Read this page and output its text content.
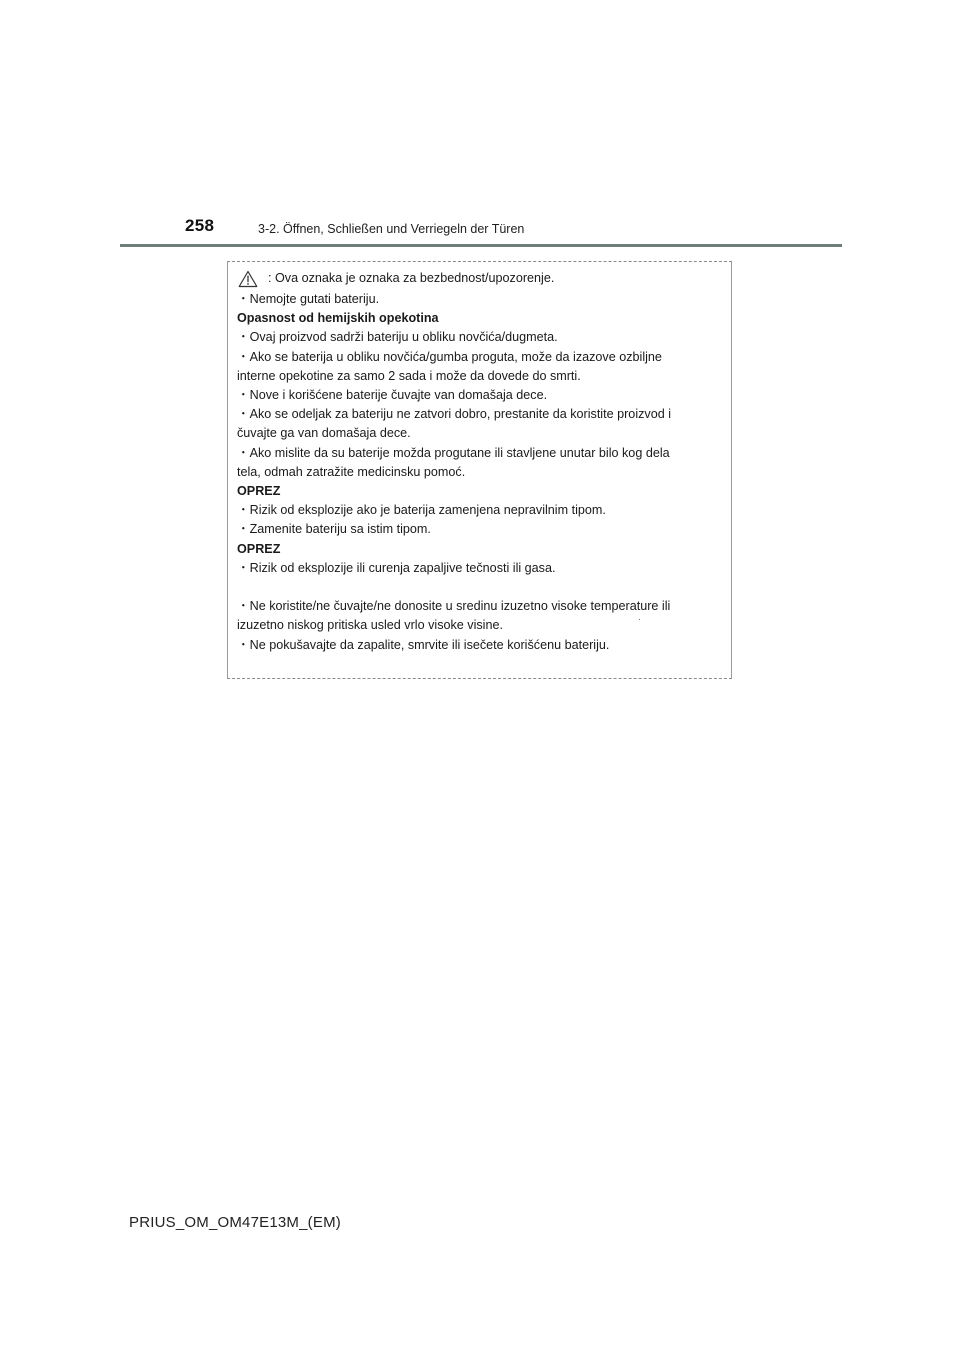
258	3-2. Öffnen, Schließen und Verriegeln der Türen
: Ova oznaka je oznaka za bezbednost/upozorenje.
・Nemojte gutati bateriju.
Opasnost od hemijskih opekotina
・Ovaj proizvod sadrži bateriju u obliku novčića/dugmeta.
・Ako se baterija u obliku novčića/gumba proguta, može da izazove ozbiljne
interne opekotine za samo 2 sada i može da dovede do smrti.
・Nove i korišćene baterije čuvajte van domašaja dece.
・Ako se odeljak za bateriju ne zatvori dobro, prestanite da koristite proizvod i
čuvajte ga van domašaja dece.
・Ako mislite da su baterije možda progutane ili stavljene unutar bilo kog dela
tela, odmah zatražite medicinsku pomoć.
OPREZ
・Rizik od eksplozije ako je baterija zamenjena nepravilnim tipom.
・Zamenite bateriju sa istim tipom.
OPREZ
・Rizik od eksplozije ili curenja zapaljive tečnosti ili gasa.
・Ne koristite/ne čuvajte/ne donosite u sredinu izuzetno visoke temperature ili
izuzetno niskog pritiska usled vrlo visoke visine.
・Ne pokušavajte da zapalite, smrvite ili isečete korišćenu bateriju.
PRIUS_OM_OM47E13M_(EM)
